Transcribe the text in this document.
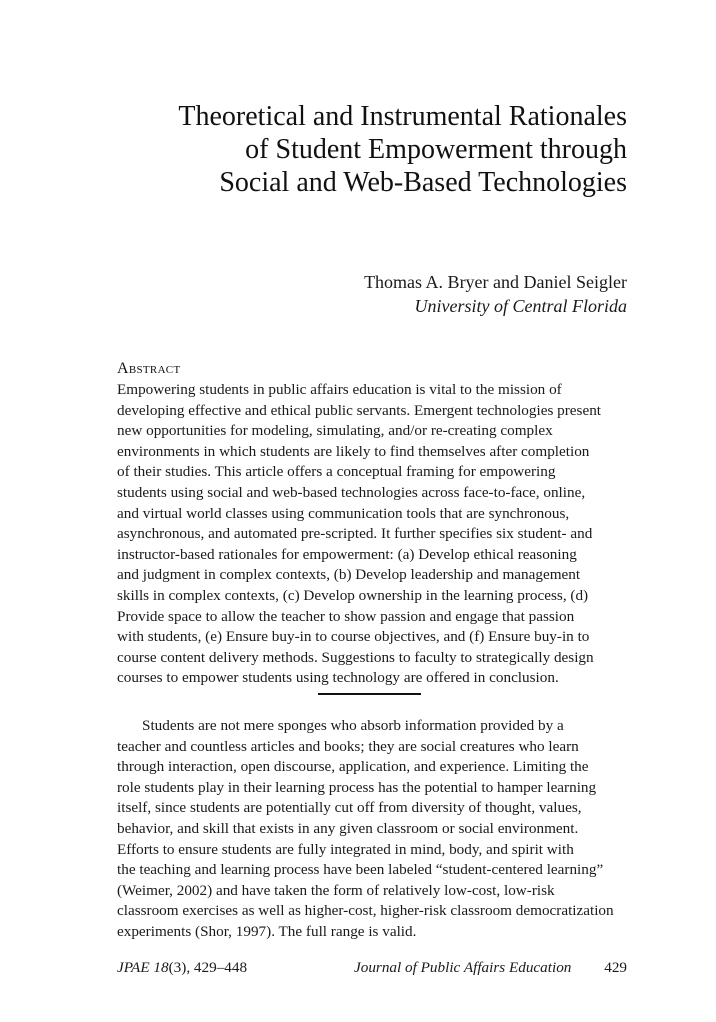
Theoretical and Instrumental Rationales
of Student Empowerment through
Social and Web-Based Technologies
Thomas A. Bryer and Daniel Seigler
University of Central Florida
Abstract
Empowering students in public affairs education is vital to the mission of
developing effective and ethical public servants. Emergent technologies present
new opportunities for modeling, simulating, and/or re-creating complex
environments in which students are likely to find themselves after completion
of their studies. This article offers a conceptual framing for empowering
students using social and web-based technologies across face-to-face, online,
and virtual world classes using communication tools that are synchronous,
asynchronous, and automated pre-scripted. It further specifies six student- and
instructor-based rationales for empowerment: (a) Develop ethical reasoning
and judgment in complex contexts, (b) Develop leadership and management
skills in complex contexts, (c) Develop ownership in the learning process, (d)
Provide space to allow the teacher to show passion and engage that passion
with students, (e) Ensure buy-in to course objectives, and (f) Ensure buy-in to
course content delivery methods. Suggestions to faculty to strategically design
courses to empower students using technology are offered in conclusion.
Students are not mere sponges who absorb information provided by a
teacher and countless articles and books; they are social creatures who learn
through interaction, open discourse, application, and experience. Limiting the
role students play in their learning process has the potential to hamper learning
itself, since students are potentially cut off from diversity of thought, values,
behavior, and skill that exists in any given classroom or social environment.
Efforts to ensure students are fully integrated in mind, body, and spirit with
the teaching and learning process have been labeled “student-centered learning”
(Weimer, 2002) and have taken the form of relatively low-cost, low-risk
classroom exercises as well as higher-cost, higher-risk classroom democratization
experiments (Shor, 1997). The full range is valid.
JPAE 18(3), 429–448	Journal of Public Affairs Education 429
